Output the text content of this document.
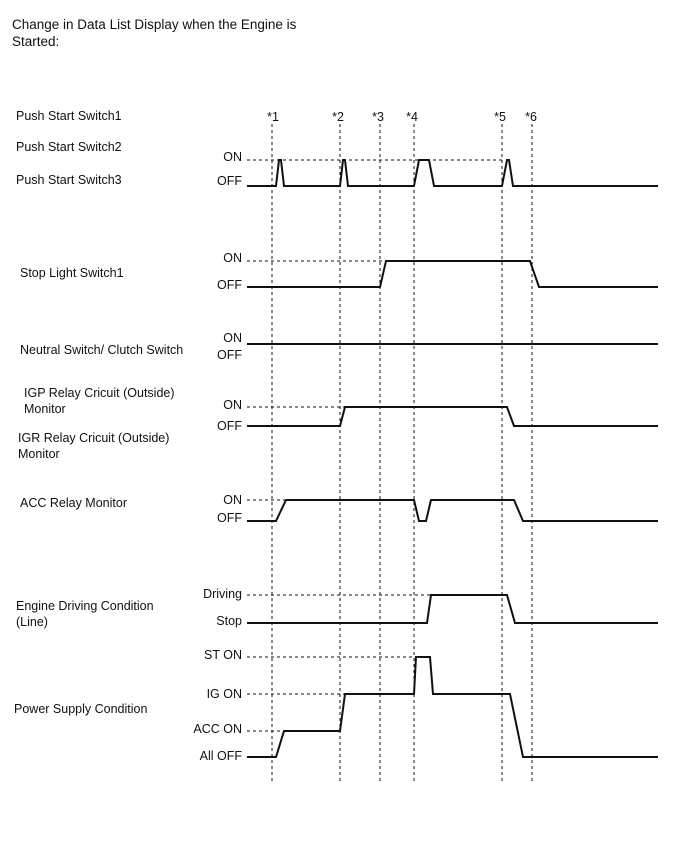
Change in Data List Display when the Engine is Started:
Push Start Switch1
Push Start Switch2
Push Start Switch3
Stop Light Switch1
Neutral Switch/ Clutch Switch
IGP Relay Cricuit (Outside)
Monitor
IGR Relay Cricuit (Outside)
Monitor
ACC Relay Monitor
Engine Driving Condition
(Line)
Power Supply Condition
ON
OFF
ON
OFF
ON
OFF
ON
OFF
ON
OFF
Driving
Stop
ST ON
IG ON
ACC ON
All OFF
*1	*2	*3	*4	*5	*6
